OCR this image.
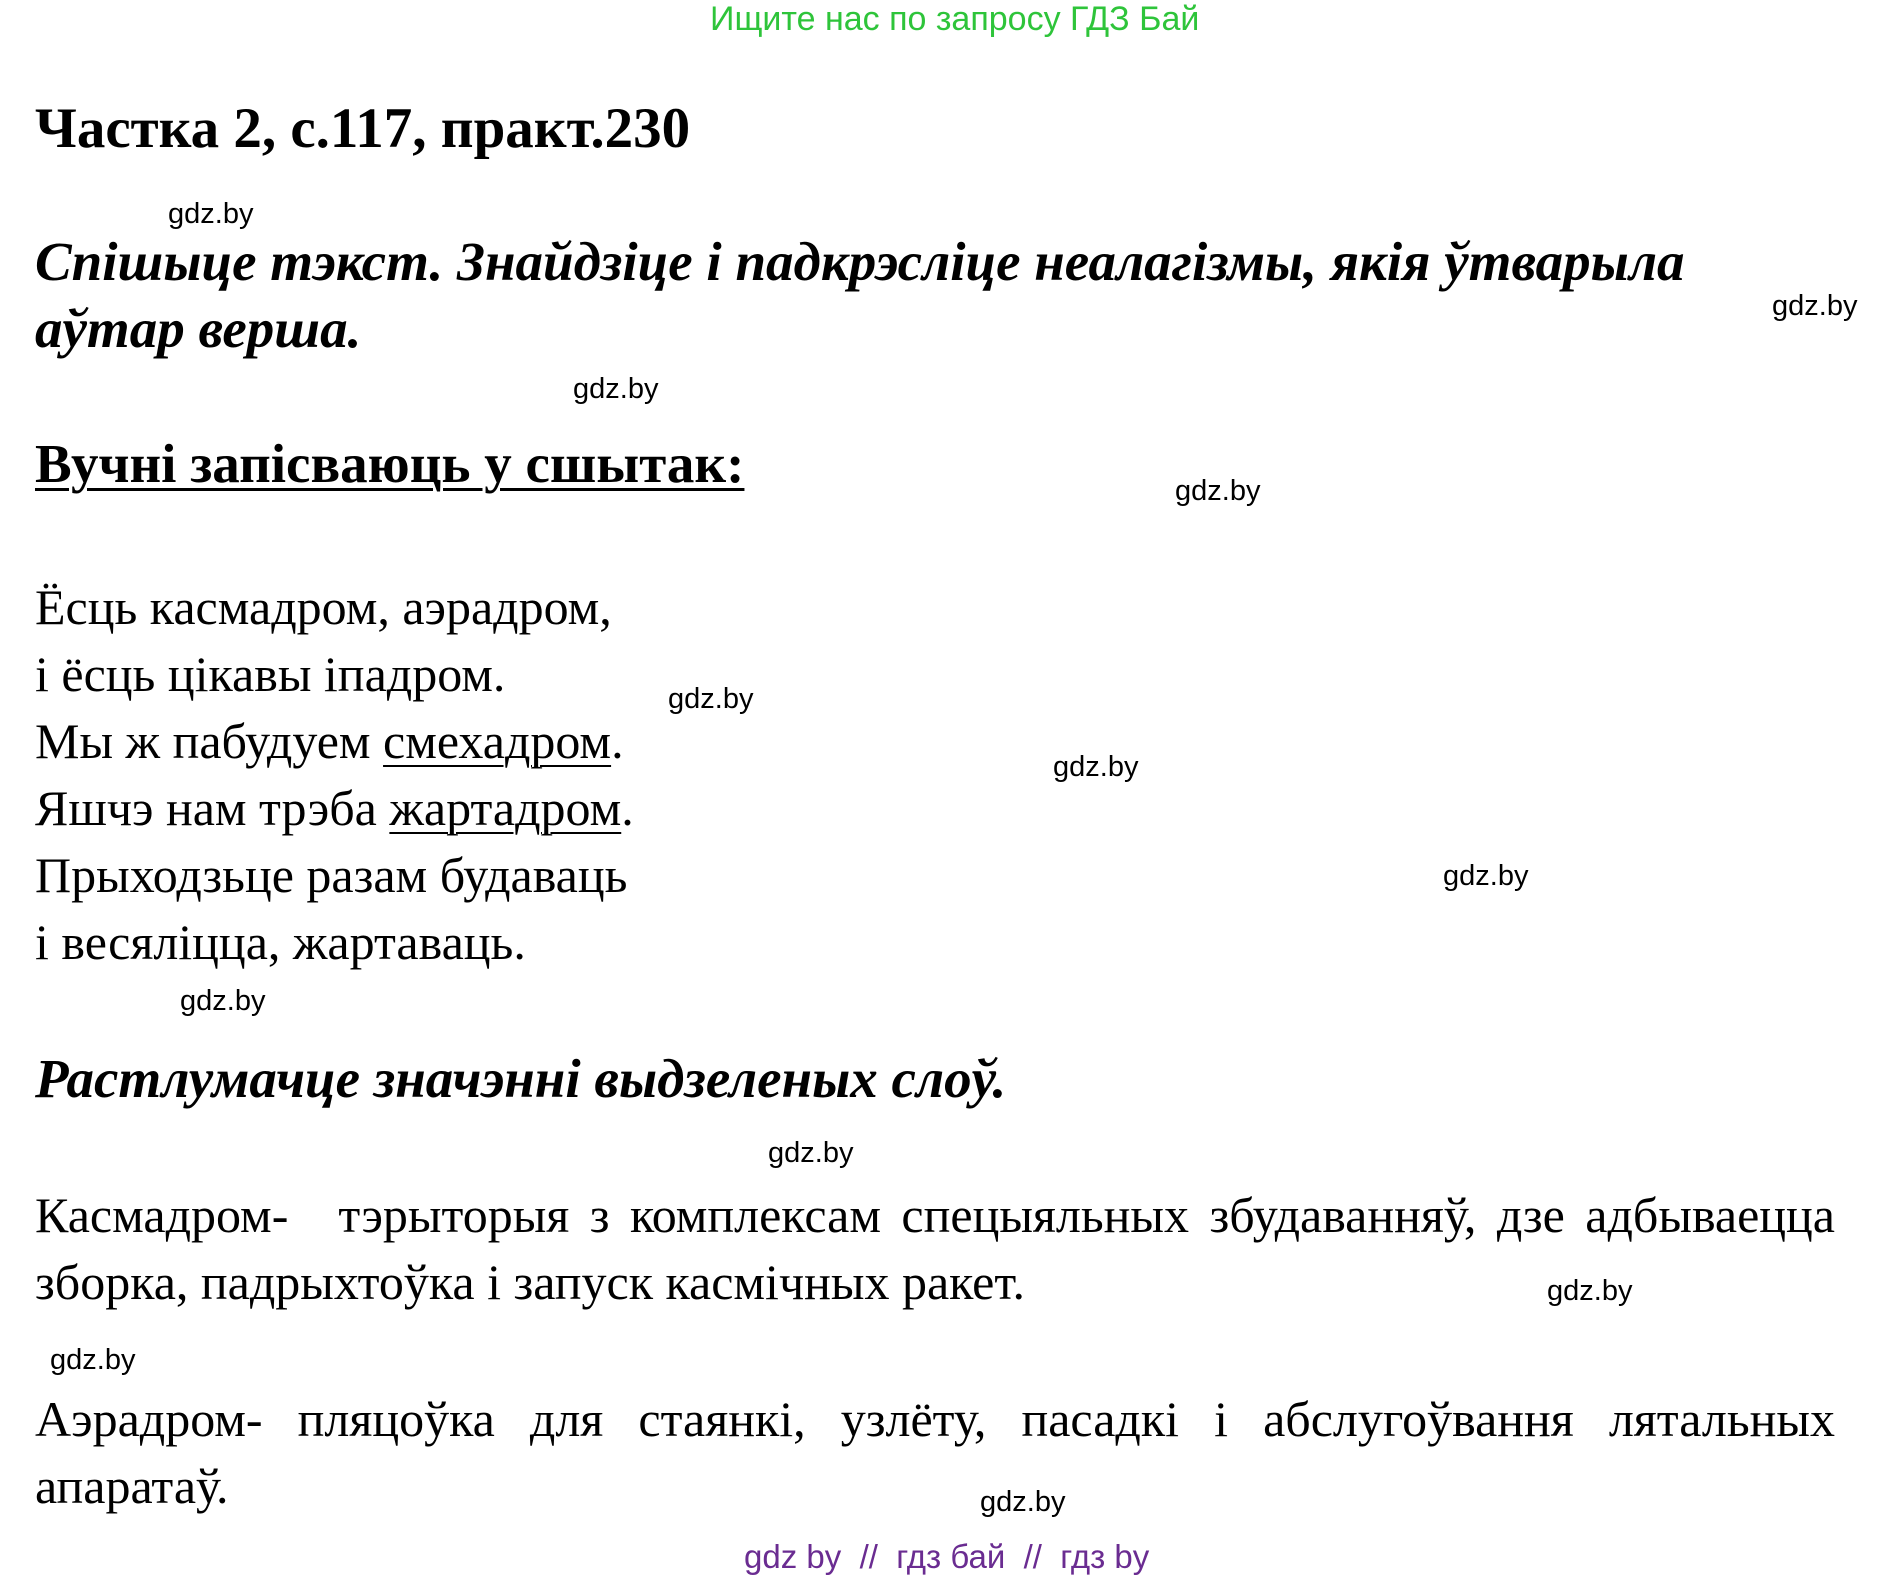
Ищите нас по запросу ГДЗ Бай
Частка 2, с.117, практ.230
gdz.by
Спішыце тэкст. Знайдзіце і падкрэсліце неалагізмы, якія ўтварыла
gdz.by
аўтар верша.
gdz.by
Вучні запісваюць у сшытак:	gdz.by
Ёсць касмадром, аэрадром,
і ёсць цікавы іпадром.
Мы ж пабудуем смехадром.
Яшчэ нам трэба жартадром.
Прыходзьце разам будаваць
і весяліцца, жартаваць.
gdz.by
gdz.by
gdz.by
gdz.by
Растлумачце значэнні выдзеленых слоў.
gdz.by
Касмадром- тэрыторыя з комплексам спецыяльных збудаванняў, дзе адбываецца зборка, падрыхтоўка і запуск касмічных ракет.	gdz.by
gdz.by
Аэрадром- пляцоўка для стаянкі, узлёту, пасадкі і абслугоўвання лятальных апаратаў.	gdz.by
gdz by  //  гдз бай  //  гдз by
